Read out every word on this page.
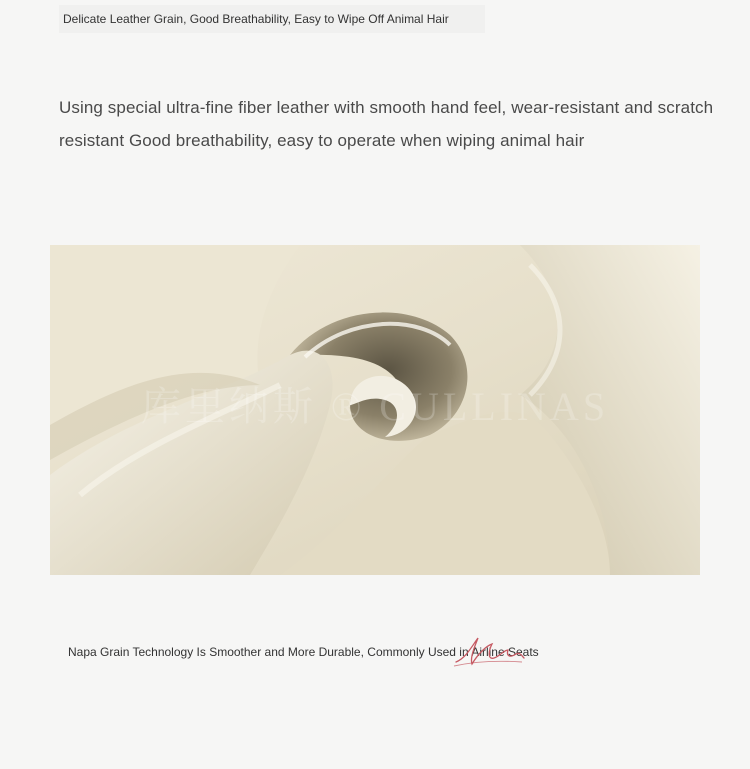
Delicate Leather Grain, Good Breathability, Easy to Wipe Off Animal Hair
Using special ultra-fine fiber leather with smooth hand feel, wear-resistant and scratch resistant Good breathability, easy to operate when wiping animal hair
库里纳斯 ® CULLINAS
Napa Grain Technology Is Smoother and More Durable, Commonly Used in Airline Seats
